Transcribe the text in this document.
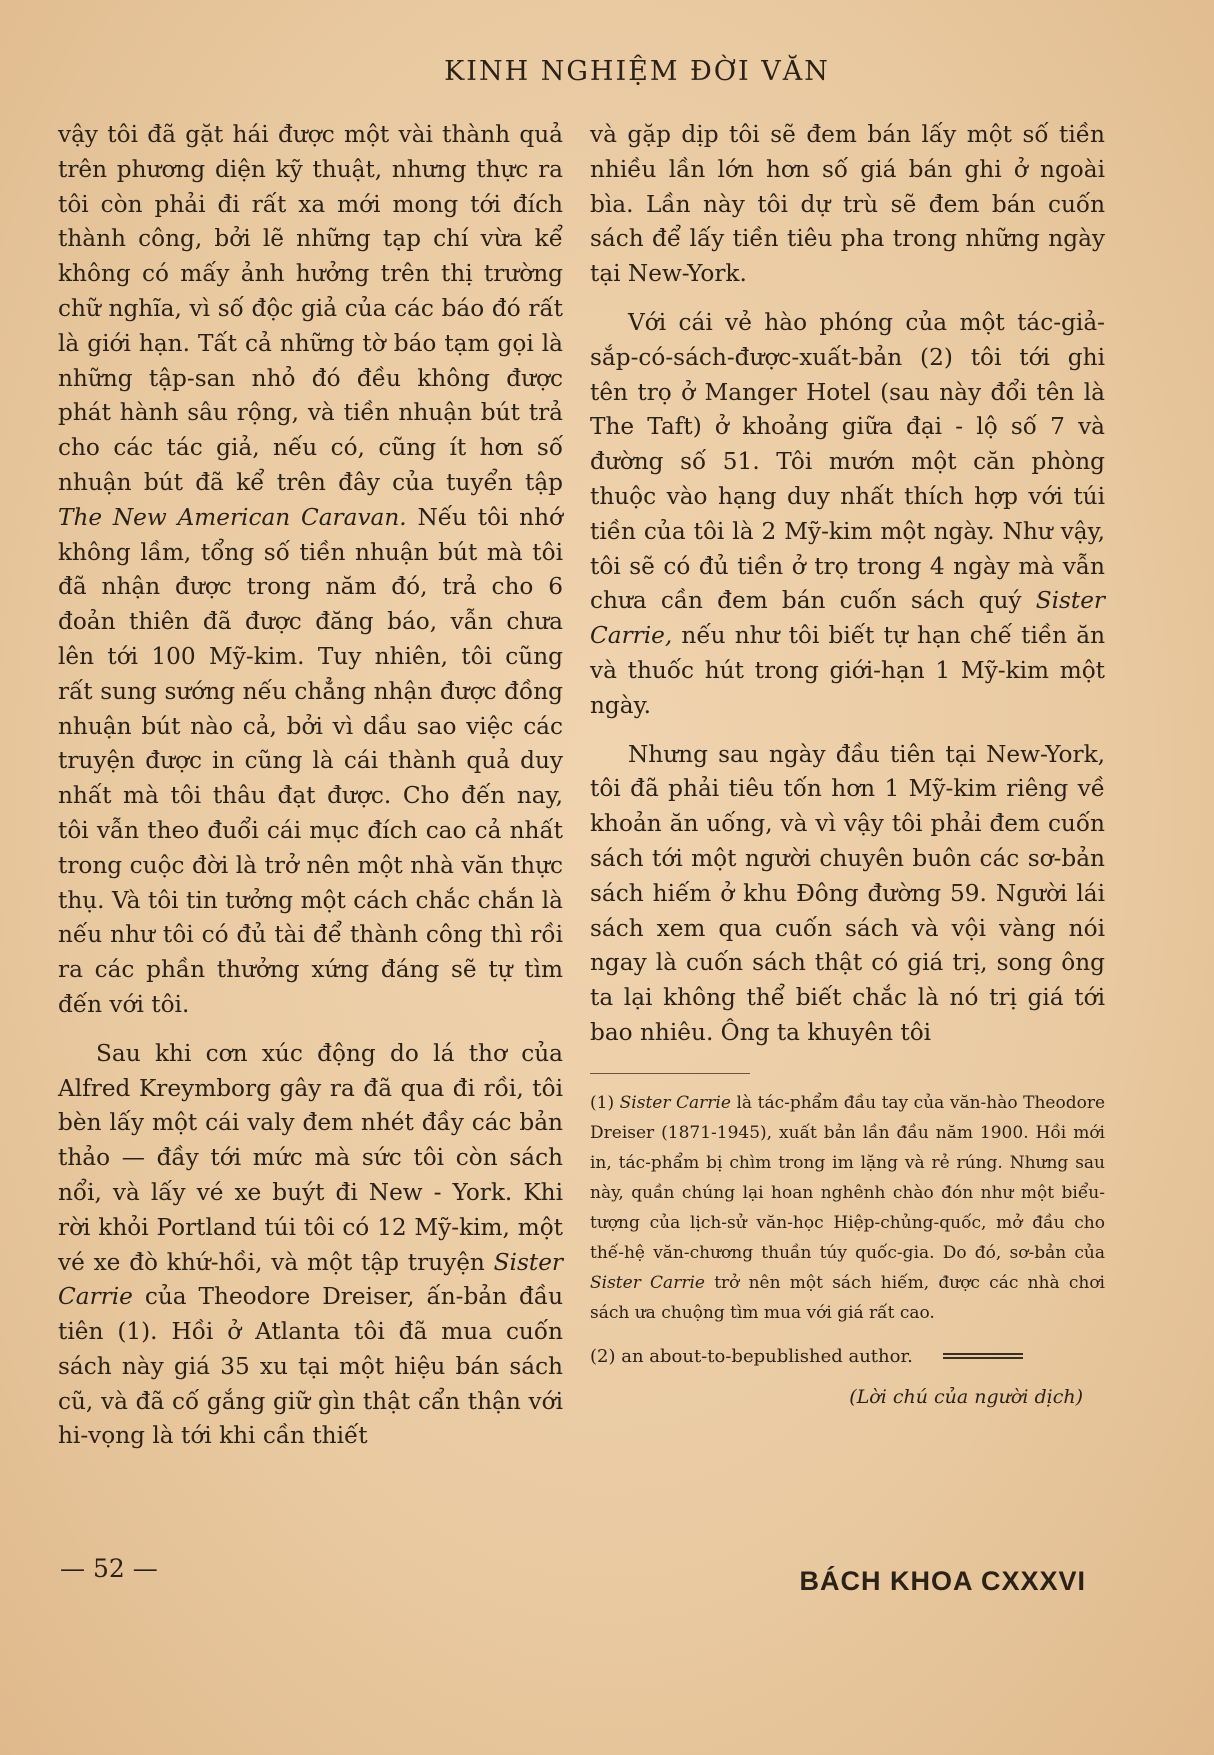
KINH NGHIỆM ĐỜI VĂN

vậy tôi đã gặt hái được một vài thành quả trên phương diện kỹ thuật, nhưng thực ra tôi còn phải đi rất xa mới mong tới đích thành công, bởi lẽ những tạp chí vừa kể không có mấy ảnh hưởng trên thị trường chữ nghĩa, vì số độc giả của các báo đó rất là giới hạn. Tất cả những tờ báo tạm gọi là những tập-san nhỏ đó đều không được phát hành sâu rộng, và tiền nhuận bút trả cho các tác giả, nếu có, cũng ít hơn số nhuận bút đã kể trên đây của tuyển tập The New American Caravan. Nếu tôi nhớ không lầm, tổng số tiền nhuận bút mà tôi đã nhận được trong năm đó, trả cho 6 đoản thiên đã được đăng báo, vẫn chưa lên tới 100 Mỹ-kim. Tuy nhiên, tôi cũng rất sung sướng nếu chẳng nhận được đồng nhuận bút nào cả, bởi vì dầu sao việc các truyện được in cũng là cái thành quả duy nhất mà tôi thâu đạt được. Cho đến nay, tôi vẫn theo đuổi cái mục đích cao cả nhất trong cuộc đời là trở nên một nhà văn thực thụ. Và tôi tin tưởng một cách chắc chắn là nếu như tôi có đủ tài để thành công thì rồi ra các phần thưởng xứng đáng sẽ tự tìm đến với tôi.

Sau khi cơn xúc động do lá thơ của Alfred Kreymborg gây ra đã qua đi rồi, tôi bèn lấy một cái valy đem nhét đầy các bản thảo — đầy tới mức mà sức tôi còn sách nổi, và lấy vé xe buýt đi New - York. Khi rời khỏi Portland túi tôi có 12 Mỹ-kim, một vé xe đò khứ-hồi, và một tập truyện Sister Carrie của Theodore Dreiser, ấn-bản đầu tiên (1). Hồi ở Atlanta tôi đã mua cuốn sách này giá 35 xu tại một hiệu bán sách cũ, và đã cố gắng giữ gìn thật cẩn thận với hi-vọng là tới khi cần thiết

và gặp dịp tôi sẽ đem bán lấy một số tiền nhiều lần lớn hơn số giá bán ghi ở ngoài bìa. Lần này tôi dự trù sẽ đem bán cuốn sách để lấy tiền tiêu pha trong những ngày tại New-York.

Với cái vẻ hào phóng của một tác-giả-sắp-có-sách-được-xuất-bản (2) tôi tới ghi tên trọ ở Manger Hotel (sau này đổi tên là The Taft) ở khoảng giữa đại - lộ số 7 và đường số 51. Tôi mướn một căn phòng thuộc vào hạng duy nhất thích hợp với túi tiền của tôi là 2 Mỹ-kim một ngày. Như vậy, tôi sẽ có đủ tiền ở trọ trong 4 ngày mà vẫn chưa cần đem bán cuốn sách quý Sister Carrie, nếu như tôi biết tự hạn chế tiền ăn và thuốc hút trong giới-hạn 1 Mỹ-kim một ngày.

Nhưng sau ngày đầu tiên tại New-York, tôi đã phải tiêu tốn hơn 1 Mỹ-kim riêng về khoản ăn uống, và vì vậy tôi phải đem cuốn sách tới một người chuyên buôn các sơ-bản sách hiếm ở khu Đông đường 59. Người lái sách xem qua cuốn sách và vội vàng nói ngay là cuốn sách thật có giá trị, song ông ta lại không thể biết chắc là nó trị giá tới bao nhiêu. Ông ta khuyên tôi

(1) Sister Carrie là tác-phẩm đầu tay của văn-hào Theodore Dreiser (1871-1945), xuất bản lần đầu năm 1900. Hồi mới in, tác-phẩm bị chìm trong im lặng và rẻ rúng. Nhưng sau này, quần chúng lại hoan nghênh chào đón như một biểu-tượng của lịch-sử văn-học Hiệp-chủng-quốc, mở đầu cho thế-hệ văn-chương thuần túy quốc-gia. Do đó, sơ-bản của Sister Carrie trở nên một sách hiếm, được các nhà chơi sách ưa chuộng tìm mua với giá rất cao.

(2) an about-to-bepublished author.

(Lời chú của người dịch)
— 52 —	BÁCH KHOA CXXXVI
